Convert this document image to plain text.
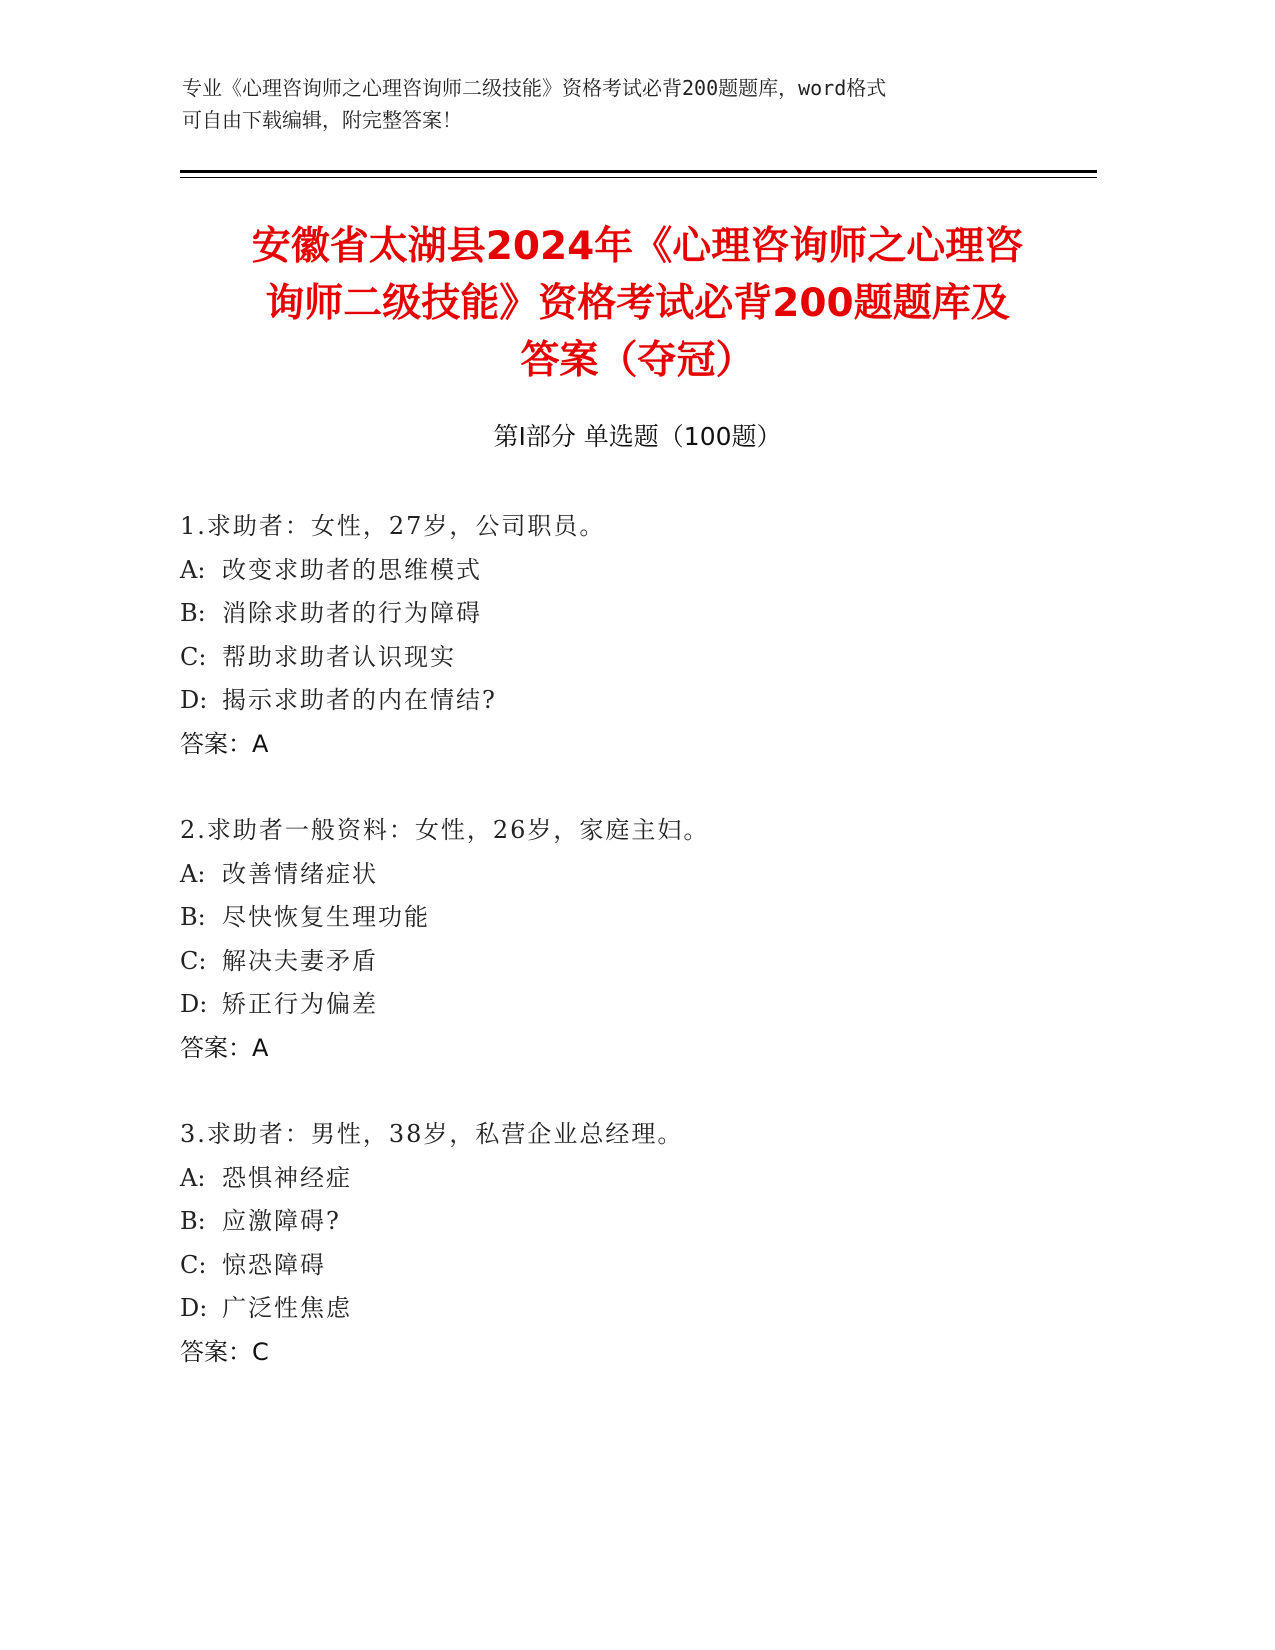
专业《心理咨询师之心理咨询师二级技能》资格考试必背200题题库，word格式
可自由下载编辑，附完整答案！
安徽省太湖县2024年《心理咨询师之心理咨
询师二级技能》资格考试必背200题题库及
答案（夺冠）
第Ⅰ部分 单选题（100题）
1.求助者：女性，27岁，公司职员。
A: 改变求助者的思维模式
B: 消除求助者的行为障碍
C: 帮助求助者认识现实
D: 揭示求助者的内在情结?
答案：A
2.求助者一般资料：女性，26岁，家庭主妇。
A: 改善情绪症状
B: 尽快恢复生理功能
C: 解决夫妻矛盾
D: 矫正行为偏差
答案：A
3.求助者：男性，38岁，私营企业总经理。
A: 恐惧神经症
B: 应激障碍?
C: 惊恐障碍
D: 广泛性焦虑
答案：C
